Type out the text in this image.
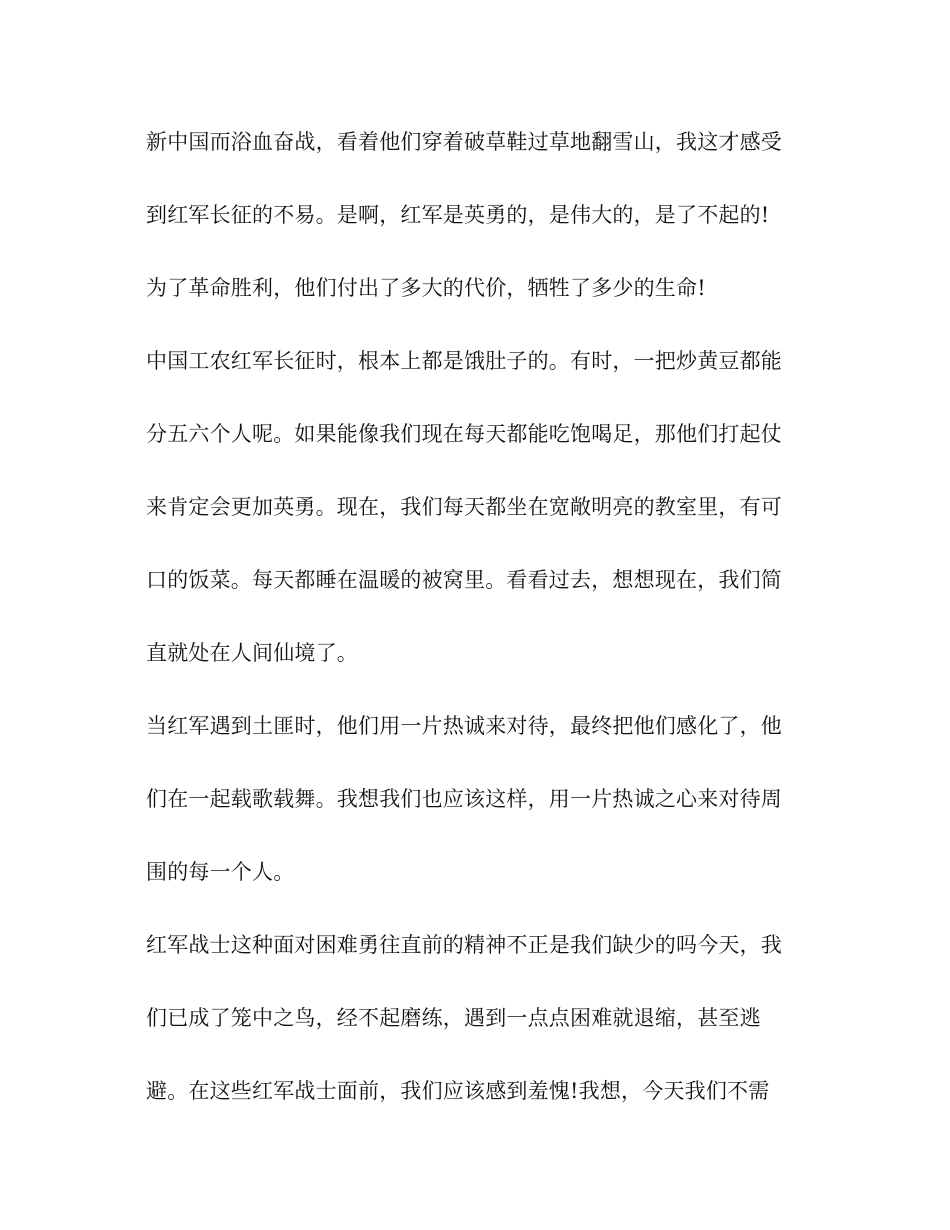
新中国而浴血奋战，看着他们穿着破草鞋过草地翻雪山，我这才感受

到红军长征的不易。是啊，红军是英勇的，是伟大的，是了不起的!

为了革命胜利，他们付出了多大的代价，牺牲了多少的生命!

中国工农红军长征时，根本上都是饿肚子的。有时，一把炒黄豆都能

分五六个人呢。如果能像我们现在每天都能吃饱喝足，那他们打起仗

来肯定会更加英勇。现在，我们每天都坐在宽敞明亮的教室里，有可

口的饭菜。每天都睡在温暖的被窝里。看看过去，想想现在，我们简

直就处在人间仙境了。

当红军遇到土匪时，他们用一片热诚来对待，最终把他们感化了，他

们在一起载歌载舞。我想我们也应该这样，用一片热诚之心来对待周

围的每一个人。

红军战士这种面对困难勇往直前的精神不正是我们缺少的吗今天，我

们已成了笼中之鸟，经不起磨练，遇到一点点困难就退缩，甚至逃

避。在这些红军战士面前，我们应该感到羞愧!我想，今天我们不需
